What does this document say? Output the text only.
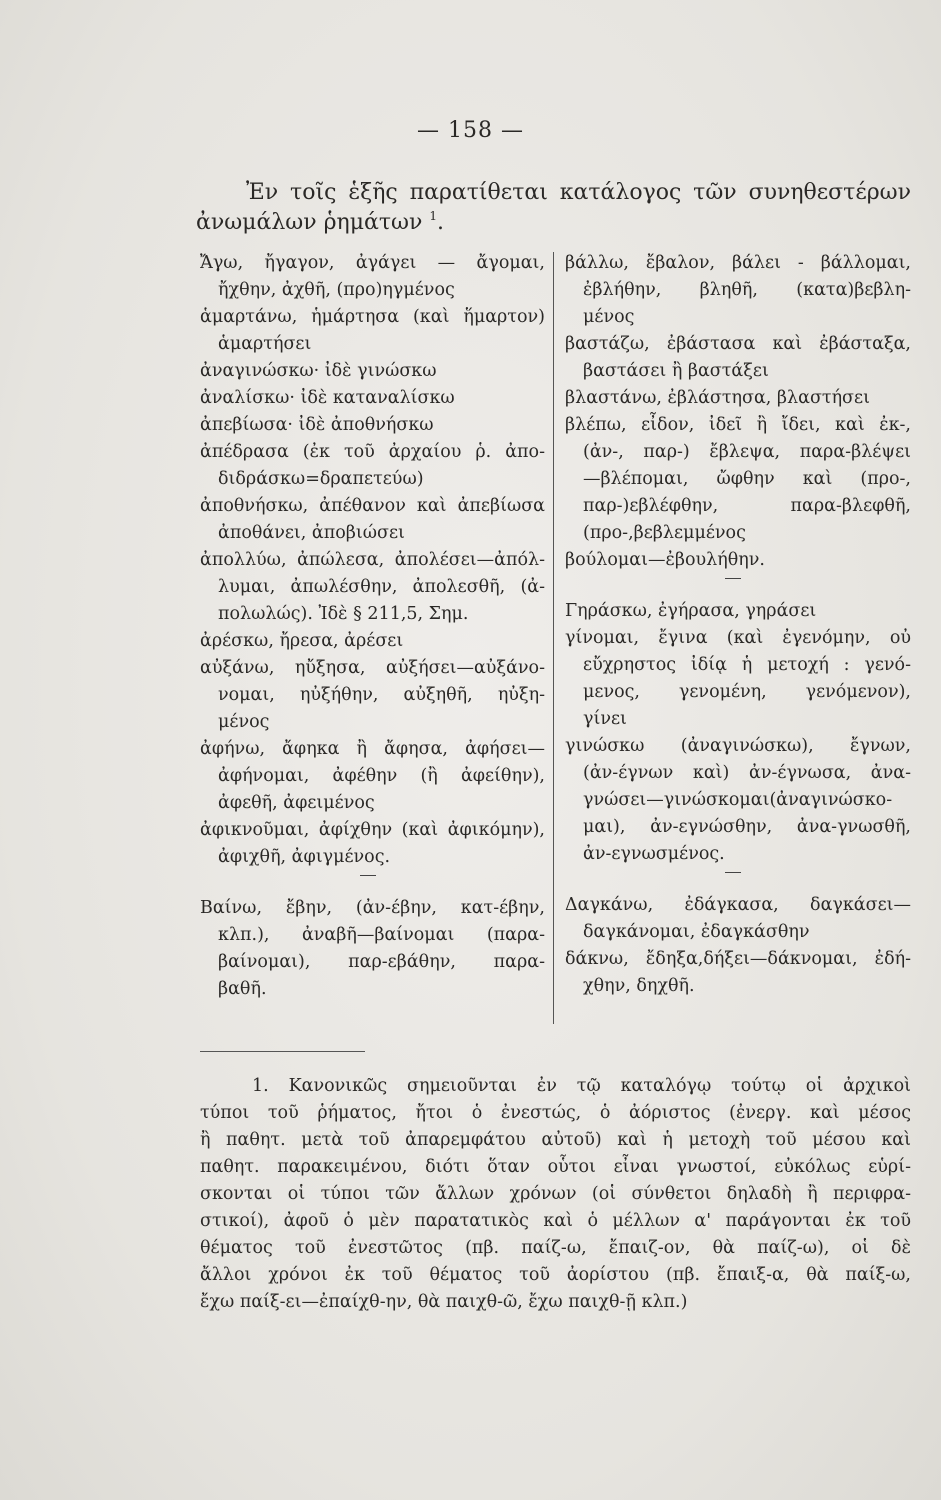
— 158 —
Ἐν τοῖς ἑξῆς παρατίθεται κατάλογος τῶν συνηθεστέρων
ἀνωμάλων ῥημάτων $^1$.
Ἄγω, ἤγαγον, ἀγάγει — ἄγομαι,
ἤχθην, ἀχθῆ, (προ)ηγμένος
ἁμαρτάνω, ἡμάρτησα (καὶ ἥμαρτον)
ἁμαρτήσει
ἀναγινώσκω· ἰδὲ γινώσκω
ἀναλίσκω· ἰδὲ καταναλίσκω
ἀπεβίωσα· ἰδὲ ἀποθνήσκω
ἀπέδρασα (ἐκ τοῦ ἀρχαίου ῥ. ἀπο-
διδράσκω=δραπετεύω)
ἀποθνήσκω, ἀπέθανον καὶ ἀπεβίωσα
ἀποθάνει, ἀποβιώσει
ἀπολλύω, ἀπώλεσα, ἀπολέσει—ἀπόλ-
λυμαι, ἀπωλέσθην, ἀπολεσθῆ, (ἀ-
πολωλώς). Ἰδὲ § 211,5, Σημ.
ἀρέσκω, ἤρεσα, ἀρέσει
αὐξάνω, ηὔξησα, αὐξήσει—αὐξάνο-
νομαι, ηὐξήθην, αὐξηθῆ, ηὐξη-
μένος
ἀφήνω, ἄφηκα ἢ ἄφησα, ἀφήσει—
ἀφήνομαι, ἀφέθην (ἢ ἀφείθην),
ἀφεθῆ, ἀφειμένος
ἀφικνοῦμαι, ἀφίχθην (καὶ ἀφικόμην),
ἀφιχθῆ, ἀφιγμένος.
Βαίνω, ἔβην, (ἀν-έβην, κατ-έβην,
κλπ.), ἀναβῆ—βαίνομαι (παρα-
βαίνομαι), παρ-εβάθην, παρα-
βαθῆ.
βάλλω, ἔβαλον, βάλει - βάλλομαι,
ἐβλήθην, βληθῆ, (κατα)βεβλη-
μένος
βαστάζω, ἐβάστασα καὶ ἐβάσταξα,
βαστάσει ἢ βαστάξει
βλαστάνω, ἐβλάστησα, βλαστήσει
βλέπω, εἶδον, ἰδεῖ ἢ ἴδει, καὶ ἐκ-,
(ἀν-, παρ-) ἔβλεψα, παρα-βλέψει
—βλέπομαι, ὤφθην καὶ (προ-,
παρ-)εβλέφθην, παρα-βλεφθῆ,
(προ-,βεβλεμμένος
βούλομαι—ἐβουλήθην.
Γηράσκω, ἐγήρασα, γηράσει
γίνομαι, ἔγινα (καὶ ἐγενόμην, οὐ
εὔχρηστος ἰδίᾳ ἡ μετοχή : γενό-
μενος, γενομένη, γενόμενον),
γίνει
γινώσκω (ἀναγινώσκω), ἔγνων,
(ἀν-έγνων καὶ) ἀν-έγνωσα, ἀνα-
γνώσει—γινώσκομαι(ἀναγινώσκο-
μαι), ἀν-εγνώσθην, ἀνα-γνωσθῆ,
ἀν-εγνωσμένος.
Δαγκάνω, ἐδάγκασα, δαγκάσει—
δαγκάνομαι, ἐδαγκάσθην
δάκνω, ἔδηξα,δήξει—δάκνομαι, ἐδή-
χθην, δηχθῆ.
1. Κανονικῶς σημειοῦνται ἐν τῷ καταλόγῳ τούτῳ οἱ ἀρχικοὶ
τύποι τοῦ ῥήματος, ἤτοι ὁ ἐνεστώς, ὁ ἀόριστος (ἐνεργ. καὶ μέσος
ἢ παθητ. μετὰ τοῦ ἀπαρεμφάτου αὐτοῦ) καὶ ἡ μετοχὴ τοῦ μέσου καὶ
παθητ. παρακειμένου, διότι ὅταν οὗτοι εἶναι γνωστοί, εὐκόλως εὑρί-
σκονται οἱ τύποι τῶν ἄλλων χρόνων (οἱ σύνθετοι δηλαδὴ ἢ περιφρα-
στικοί), ἀφοῦ ὁ μὲν παρατατικὸς καὶ ὁ μέλλων α' παράγονται ἐκ τοῦ
θέματος τοῦ ἐνεστῶτος (πβ. παίζ-ω, ἔπαιζ-ον, θὰ παίζ-ω), οἱ δὲ
ἄλλοι χρόνοι ἐκ τοῦ θέματος τοῦ ἀορίστου (πβ. ἔπαιξ-α, θὰ παίξ-ω,
ἔχω παίξ-ει—ἐπαίχθ-ην, θὰ παιχθ-ῶ, ἔχω παιχθ-ῇ κλπ.)
